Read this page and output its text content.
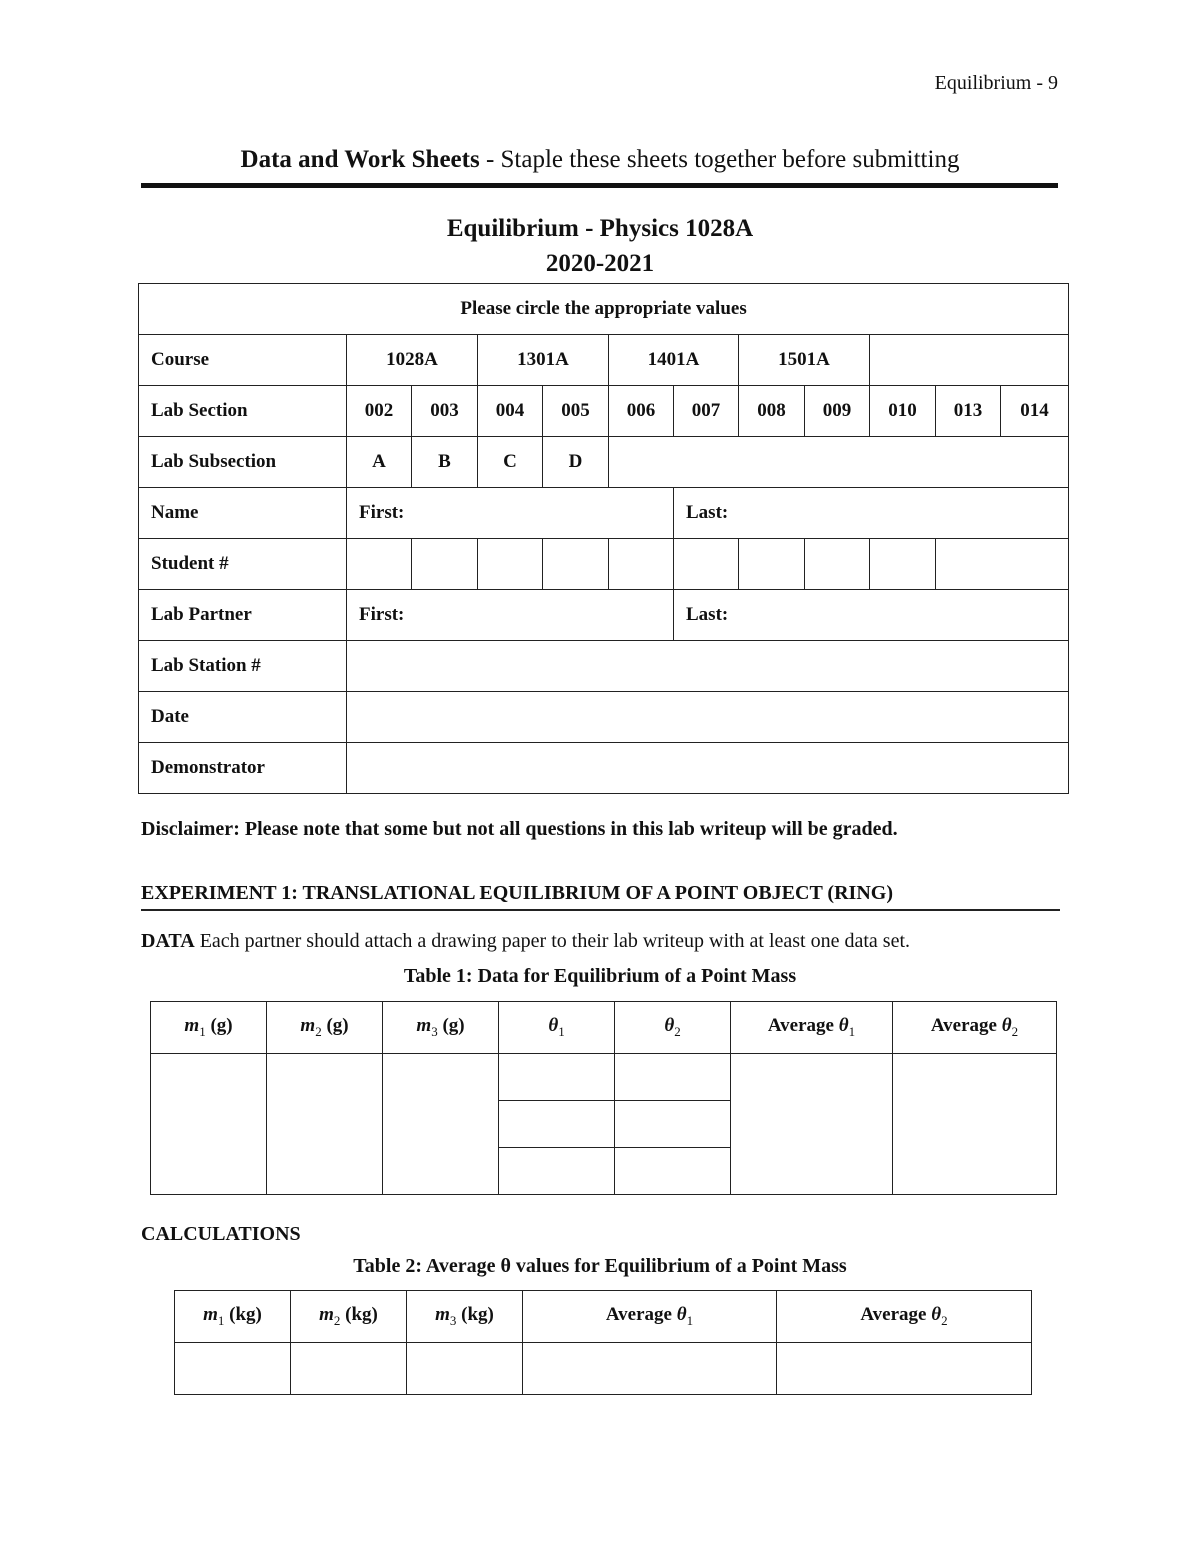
Equilibrium - 9
Data and Work Sheets - Staple these sheets together before submitting
Equilibrium - Physics 1028A
2020-2021
Please circle the appropriate values											
Course	1028A		1301A		1401A		1501A				
Lab Section	002	003	004	005	006	007	008	009	010	013	014
Lab Subsection	A	B	C	D							
Name	First:					Last:					
Student #											
Lab Partner	First:					Last:					
Lab Station #											
Date											
Demonstrator											
Disclaimer: Please note that some but not all questions in this lab writeup will be graded.
EXPERIMENT 1: TRANSLATIONAL EQUILIBRIUM OF A POINT OBJECT (RING)
DATA Each partner should attach a drawing paper to their lab writeup with at least one data set.
Table 1: Data for Equilibrium of a Point Mass
$m_1$ (g)	$m_2$ (g)	$m_3$ (g)	$\theta_1$	$\theta_2$	Average $\theta_1$	Average $\theta_2$

CALCULATIONS
Table 2: Average θ values for Equilibrium of a Point Mass
$m_1$ (kg)	$m_2$ (kg)	$m_3$ (kg)	Average $\theta_1$	Average $\theta_2$
